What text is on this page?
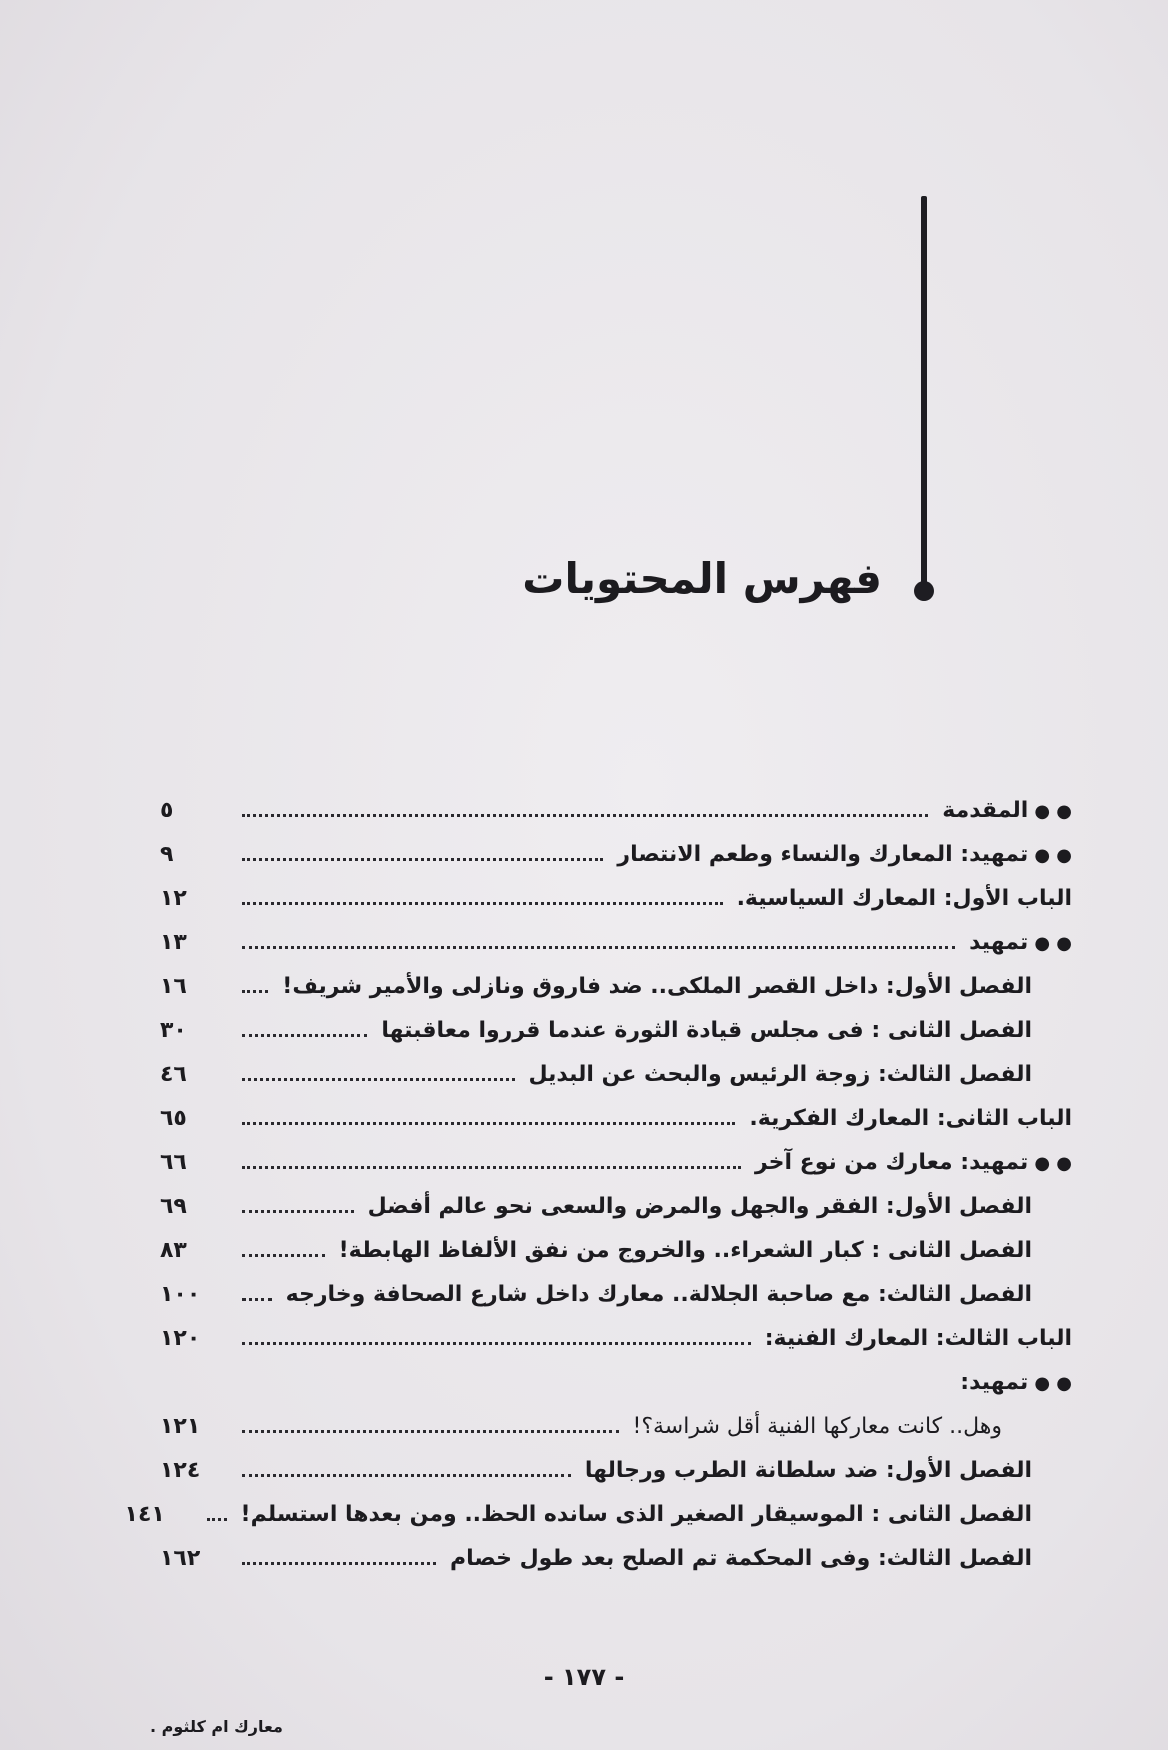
فهرس المحتويات
● ●المقدمة
٥
● ●تمهيد: المعارك والنساء وطعم الانتصار
٩
الباب الأول: المعارك السياسية.
١٢
● ●تمهيد
١٣
الفصل الأول: داخل القصر الملكى.. ضد فاروق ونازلى والأمير شريف!
١٦
الفصل الثانى : فى مجلس قيادة الثورة عندما قرروا معاقبتها
٣٠
الفصل الثالث: زوجة الرئيس والبحث عن البديل
٤٦
الباب الثانى: المعارك الفكرية.
٦٥
● ●تمهيد: معارك من نوع آخر
٦٦
الفصل الأول: الفقر والجهل والمرض والسعى نحو عالم أفضل
٦٩
الفصل الثانى : كبار الشعراء.. والخروج من نفق الألفاظ الهابطة!
٨٣
الفصل الثالث: مع صاحبة الجلالة.. معارك داخل شارع الصحافة وخارجه
١٠٠
الباب الثالث: المعارك الفنية:
١٢٠
● ●تمهيد:
وهل.. كانت معاركها الفنية أقل شراسة؟!
١٢١
الفصل الأول: ضد سلطانة الطرب ورجالها
١٢٤
الفصل الثانى : الموسيقار الصغير الذى سانده الحظ.. ومن بعدها استسلم!
١٤١
الفصل الثالث: وفى المحكمة تم الصلح بعد طول خصام
١٦٢
- ١٧٧ -
معارك ام كلثوم .
